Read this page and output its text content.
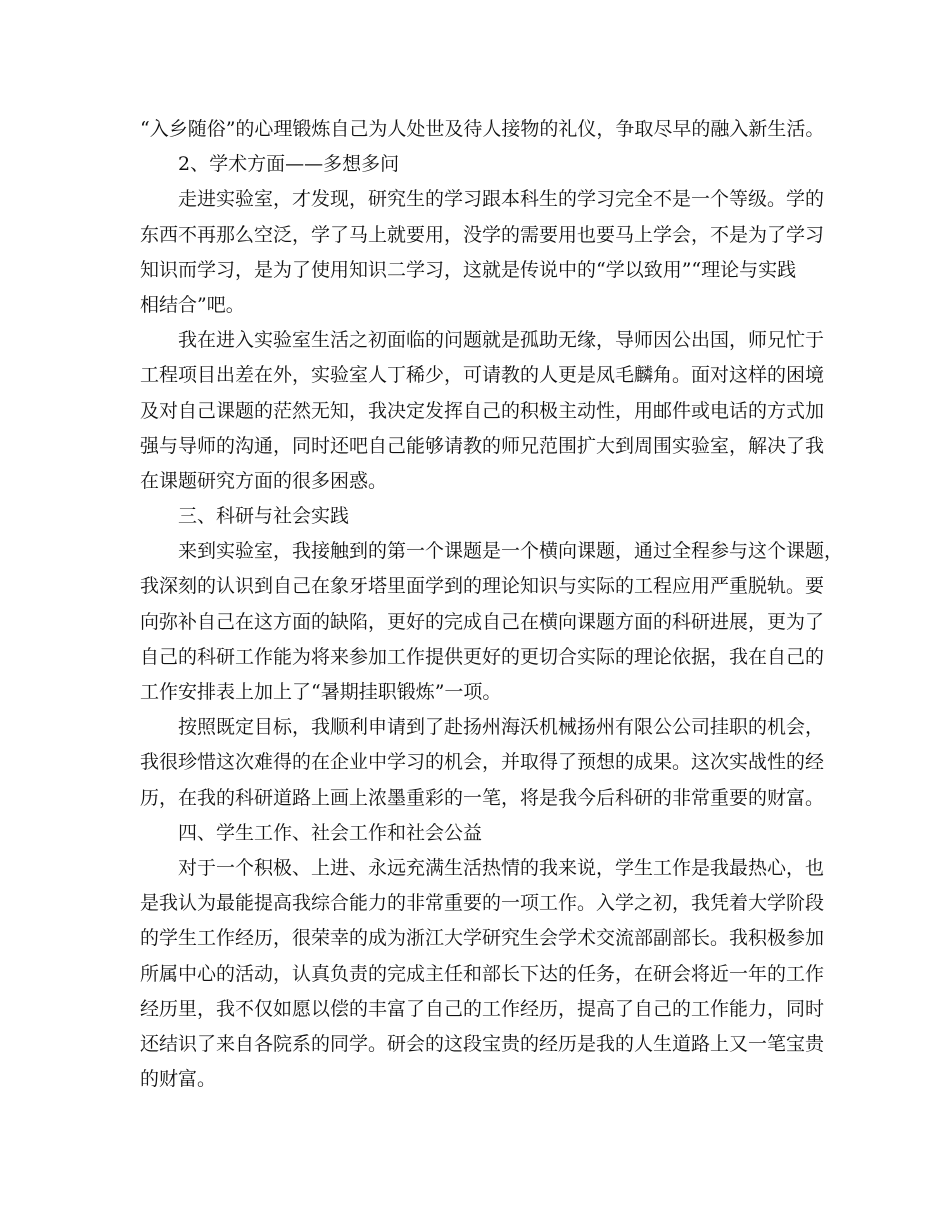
“入乡随俗”的心理锻炼自己为人处世及待人接物的礼仪，争取尽早的融入新生活。
2、学术方面——多想多问
走进实验室，才发现，研究生的学习跟本科生的学习完全不是一个等级。学的
东西不再那么空泛，学了马上就要用，没学的需要用也要马上学会，不是为了学习
知识而学习，是为了使用知识二学习，这就是传说中的“学以致用”“理论与实践
相结合”吧。
我在进入实验室生活之初面临的问题就是孤助无缘，导师因公出国，师兄忙于
工程项目出差在外，实验室人丁稀少，可请教的人更是凤毛麟角。面对这样的困境
及对自己课题的茫然无知，我决定发挥自己的积极主动性，用邮件或电话的方式加
强与导师的沟通，同时还吧自己能够请教的师兄范围扩大到周围实验室，解决了我
在课题研究方面的很多困惑。
三、科研与社会实践
来到实验室，我接触到的第一个课题是一个横向课题，通过全程参与这个课题，
我深刻的认识到自己在象牙塔里面学到的理论知识与实际的工程应用严重脱轨。要
向弥补自己在这方面的缺陷，更好的完成自己在横向课题方面的科研进展，更为了
自己的科研工作能为将来参加工作提供更好的更切合实际的理论依据，我在自己的
工作安排表上加上了“暑期挂职锻炼”一项。
按照既定目标，我顺利申请到了赴扬州海沃机械扬州有限公公司挂职的机会，
我很珍惜这次难得的在企业中学习的机会，并取得了预想的成果。这次实战性的经
历，在我的科研道路上画上浓墨重彩的一笔，将是我今后科研的非常重要的财富。
四、学生工作、社会工作和社会公益
对于一个积极、上进、永远充满生活热情的我来说，学生工作是我最热心，也
是我认为最能提高我综合能力的非常重要的一项工作。入学之初，我凭着大学阶段
的学生工作经历，很荣幸的成为浙江大学研究生会学术交流部副部长。我积极参加
所属中心的活动，认真负责的完成主任和部长下达的任务，在研会将近一年的工作
经历里，我不仅如愿以偿的丰富了自己的工作经历，提高了自己的工作能力，同时
还结识了来自各院系的同学。研会的这段宝贵的经历是我的人生道路上又一笔宝贵
的财富。
